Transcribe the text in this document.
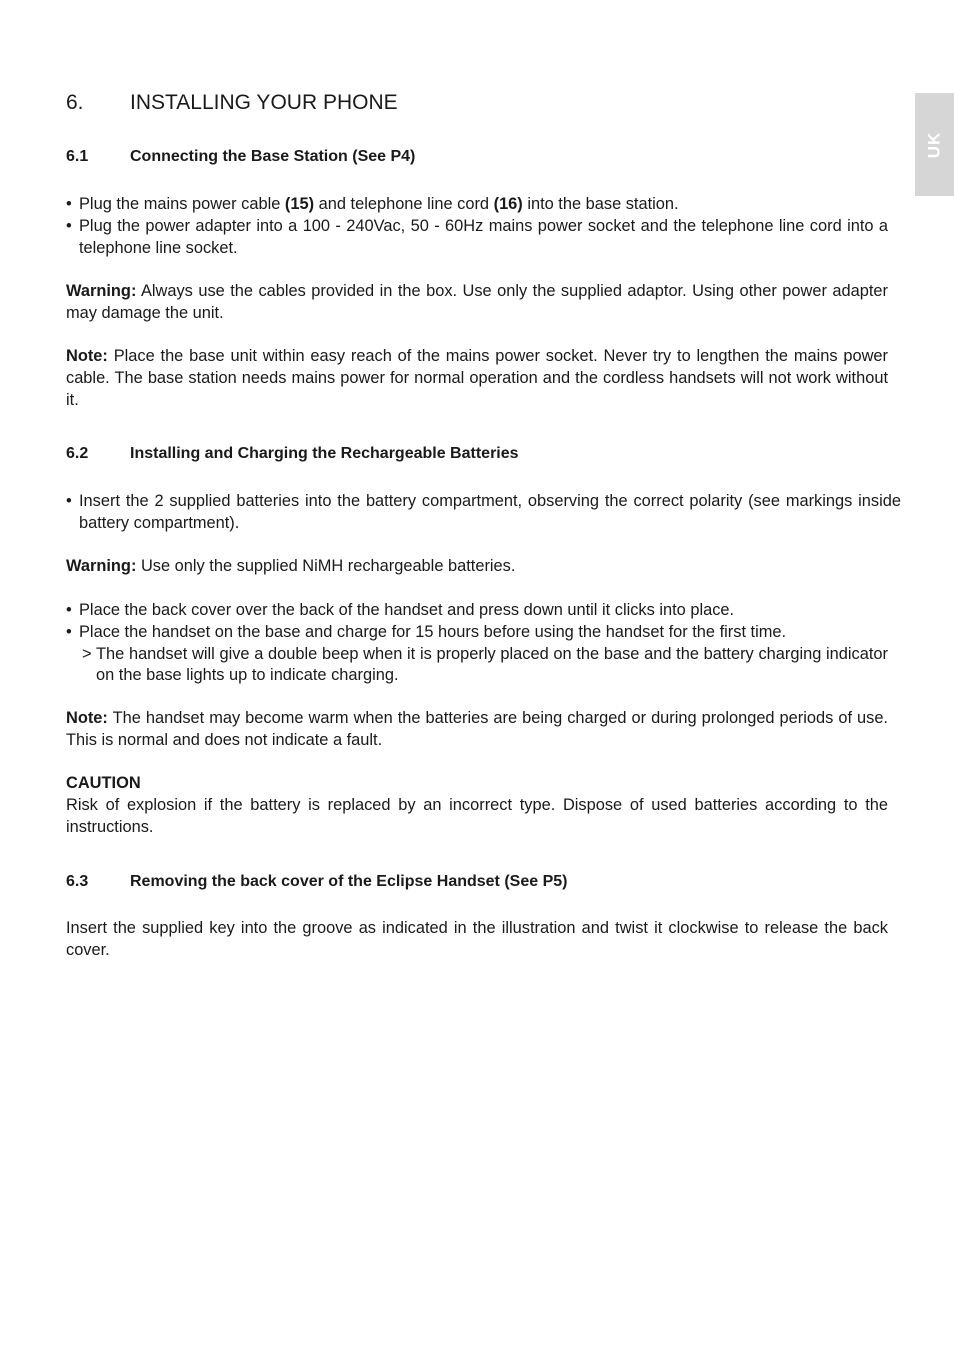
UK
6. INSTALLING YOUR PHONE
6.1	Connecting the Base Station (See P4)

• Plug the mains power cable (15) and telephone line cord (16) into the base station.

• Plug the power adapter into a 100 - 240Vac, 50 - 60Hz mains power socket and the telephone line cord into a telephone line socket.

Warning: Always use the cables provided in the box. Use only the supplied adaptor. Using other power adapter may damage the unit.

Note: Place the base unit within easy reach of the mains power socket. Never try to lengthen the mains power cable. The base station needs mains power for normal operation and the cordless handsets will not work without it.

6.2	Installing and Charging the Rechargeable Batteries

• Insert the 2 supplied batteries into the battery compartment, observing the correct polarity (see markings inside battery compartment).

Warning: Use only the supplied NiMH rechargeable batteries.

• Place the back cover over the back of the handset and press down until it clicks into place.

• Place the handset on the base and charge for 15 hours before using the handset for the first time.

> The handset will give a double beep when it is properly placed on the base and the battery charging indicator on the base lights up to indicate charging.

Note: The handset may become warm when the batteries are being charged or during prolonged periods of use. This is normal and does not indicate a fault.

CAUTION

Risk of explosion if the battery is replaced by an incorrect type. Dispose of used batteries according to the instructions.

6.3	Removing the back cover of the Eclipse Handset (See P5)

Insert the supplied key into the groove as indicated in the illustration and twist it clockwise to release the back cover.
